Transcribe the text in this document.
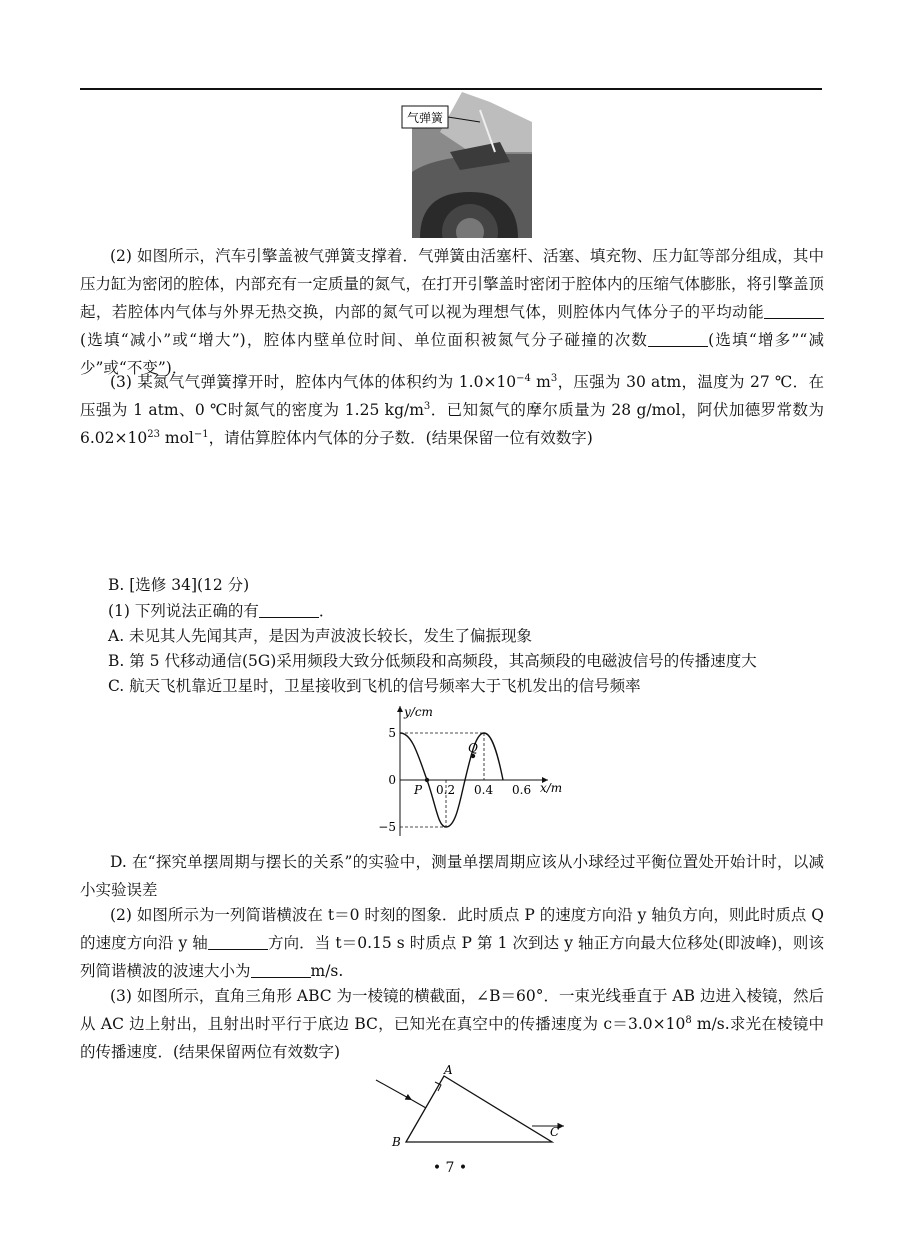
气弹簧
(2) 如图所示，汽车引擎盖被气弹簧支撑着．气弹簧由活塞杆、活塞、填充物、压力缸等部分组成，其中压力缸为密闭的腔体，内部充有一定质量的氮气，在打开引擎盖时密闭于腔体内的压缩气体膨胀，将引擎盖顶起，若腔体内气体与外界无热交换，内部的氮气可以视为理想气体，则腔体内气体分子的平均动能(选填“减小”或“增大”)，腔体内壁单位时间、单位面积被氮气分子碰撞的次数	(选填“增多”“减少”或“不变”)．
(3) 某氮气气弹簧撑开时，腔体内气体的体积约为 $1.0\times 10^{-4}$ $m^3$，压强为 30 atm，温度为 27 ℃．在压强为 1 atm、0 ℃时氮气的密度为 1.25 $kg/m^3$．已知氮气的摩尔质量为 28 g/mol，阿伏加德罗常数为 $6.02\times 10^{23}$ mol$^{-1}$，请估算腔体内气体的分子数．(结果保留一位有效数字)
B. [选修 34](12 分)
(1) 下列说法正确的有	．
A. 未见其人先闻其声，是因为声波波长较长，发生了偏振现象
B. 第 5 代移动通信(5G)采用频段大致分低频段和高频段，其高频段的电磁波信号的传播速度大
C. 航天飞机靠近卫星时，卫星接收到飞机的信号频率大于飞机发出的信号频率
y/cm
x/m
5
0
−5
0.2 0.4 0.6
P
Q
D. 在“探究单摆周期与摆长的关系”的实验中，测量单摆周期应该从小球经过平衡位置处开始计时，以减小实验误差
(2) 如图所示为一列简谐横波在 t＝0 时刻的图象．此时质点 P 的速度方向沿 y 轴负方向，则此时质点 Q 的速度方向沿 y 轴	方向．当 t＝0.15 s 时质点 P 第 1 次到达 y 轴正方向最大位移处(即波峰)，则该列简谐横波的波速大小为	m/s.
(3) 如图所示，直角三角形 ABC 为一棱镜的横截面，∠B＝60°．一束光线垂直于 AB 边进入棱镜，然后从 AC 边上射出，且射出时平行于底边 BC，已知光在真空中的传播速度为 $c=3.0\times 10^8$ m/s.求光在棱镜中的传播速度．(结果保留两位有效数字)
A
B
C
• 7 •
